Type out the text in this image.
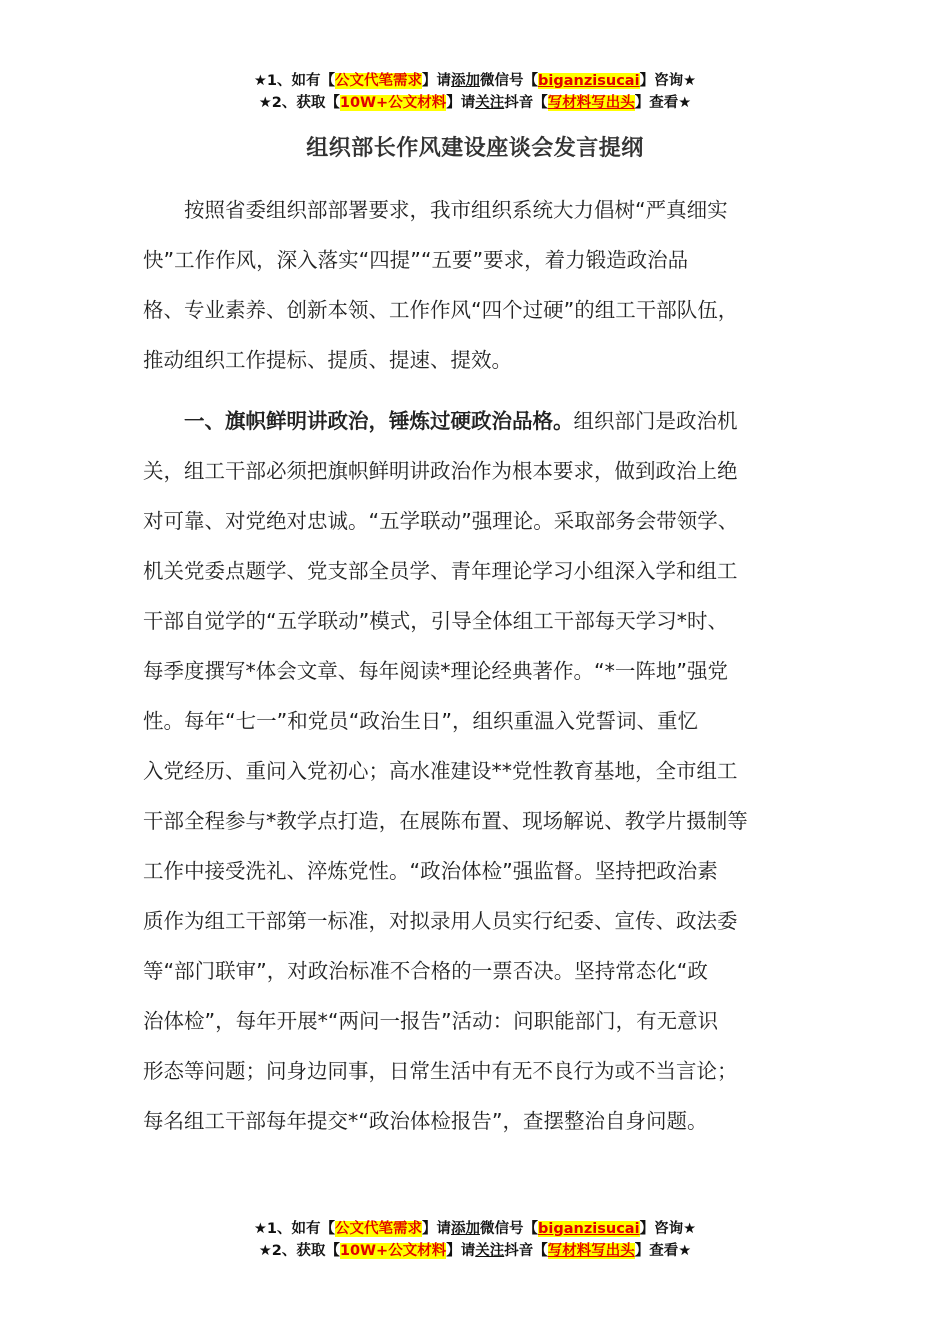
★1、如有【公文代笔需求】请添加微信号【biganzisucai】咨询★
★2、获取【10W+公文材料】请关注抖音【写材料写出头】查看★
组织部长作风建设座谈会发言提纲
按照省委组织部部署要求，我市组织系统大力倡树“严真细实
快”工作作风，深入落实“四提”“五要”要求，着力锻造政治品
格、专业素养、创新本领、工作作风“四个过硬”的组工干部队伍，
推动组织工作提标、提质、提速、提效。
一、旗帜鲜明讲政治，锤炼过硬政治品格。组织部门是政治机
关，组工干部必须把旗帜鲜明讲政治作为根本要求，做到政治上绝
对可靠、对党绝对忠诚。“五学联动”强理论。采取部务会带领学、
机关党委点题学、党支部全员学、青年理论学习小组深入学和组工
干部自觉学的“五学联动”模式，引导全体组工干部每天学习*时、
每季度撰写*体会文章、每年阅读*理论经典著作。“*一阵地”强党
性。每年“七一”和党员“政治生日”，组织重温入党誓词、重忆
入党经历、重问入党初心；高水准建设**党性教育基地，全市组工
干部全程参与*教学点打造，在展陈布置、现场解说、教学片摄制等
工作中接受洗礼、淬炼党性。“政治体检”强监督。坚持把政治素
质作为组工干部第一标准，对拟录用人员实行纪委、宣传、政法委
等“部门联审”，对政治标准不合格的一票否决。坚持常态化“政
治体检”，每年开展*“两问一报告”活动：问职能部门，有无意识
形态等问题；问身边同事，日常生活中有无不良行为或不当言论；
每名组工干部每年提交*“政治体检报告”，查摆整治自身问题。
★1、如有【公文代笔需求】请添加微信号【biganzisucai】咨询★
★2、获取【10W+公文材料】请关注抖音【写材料写出头】查看★
